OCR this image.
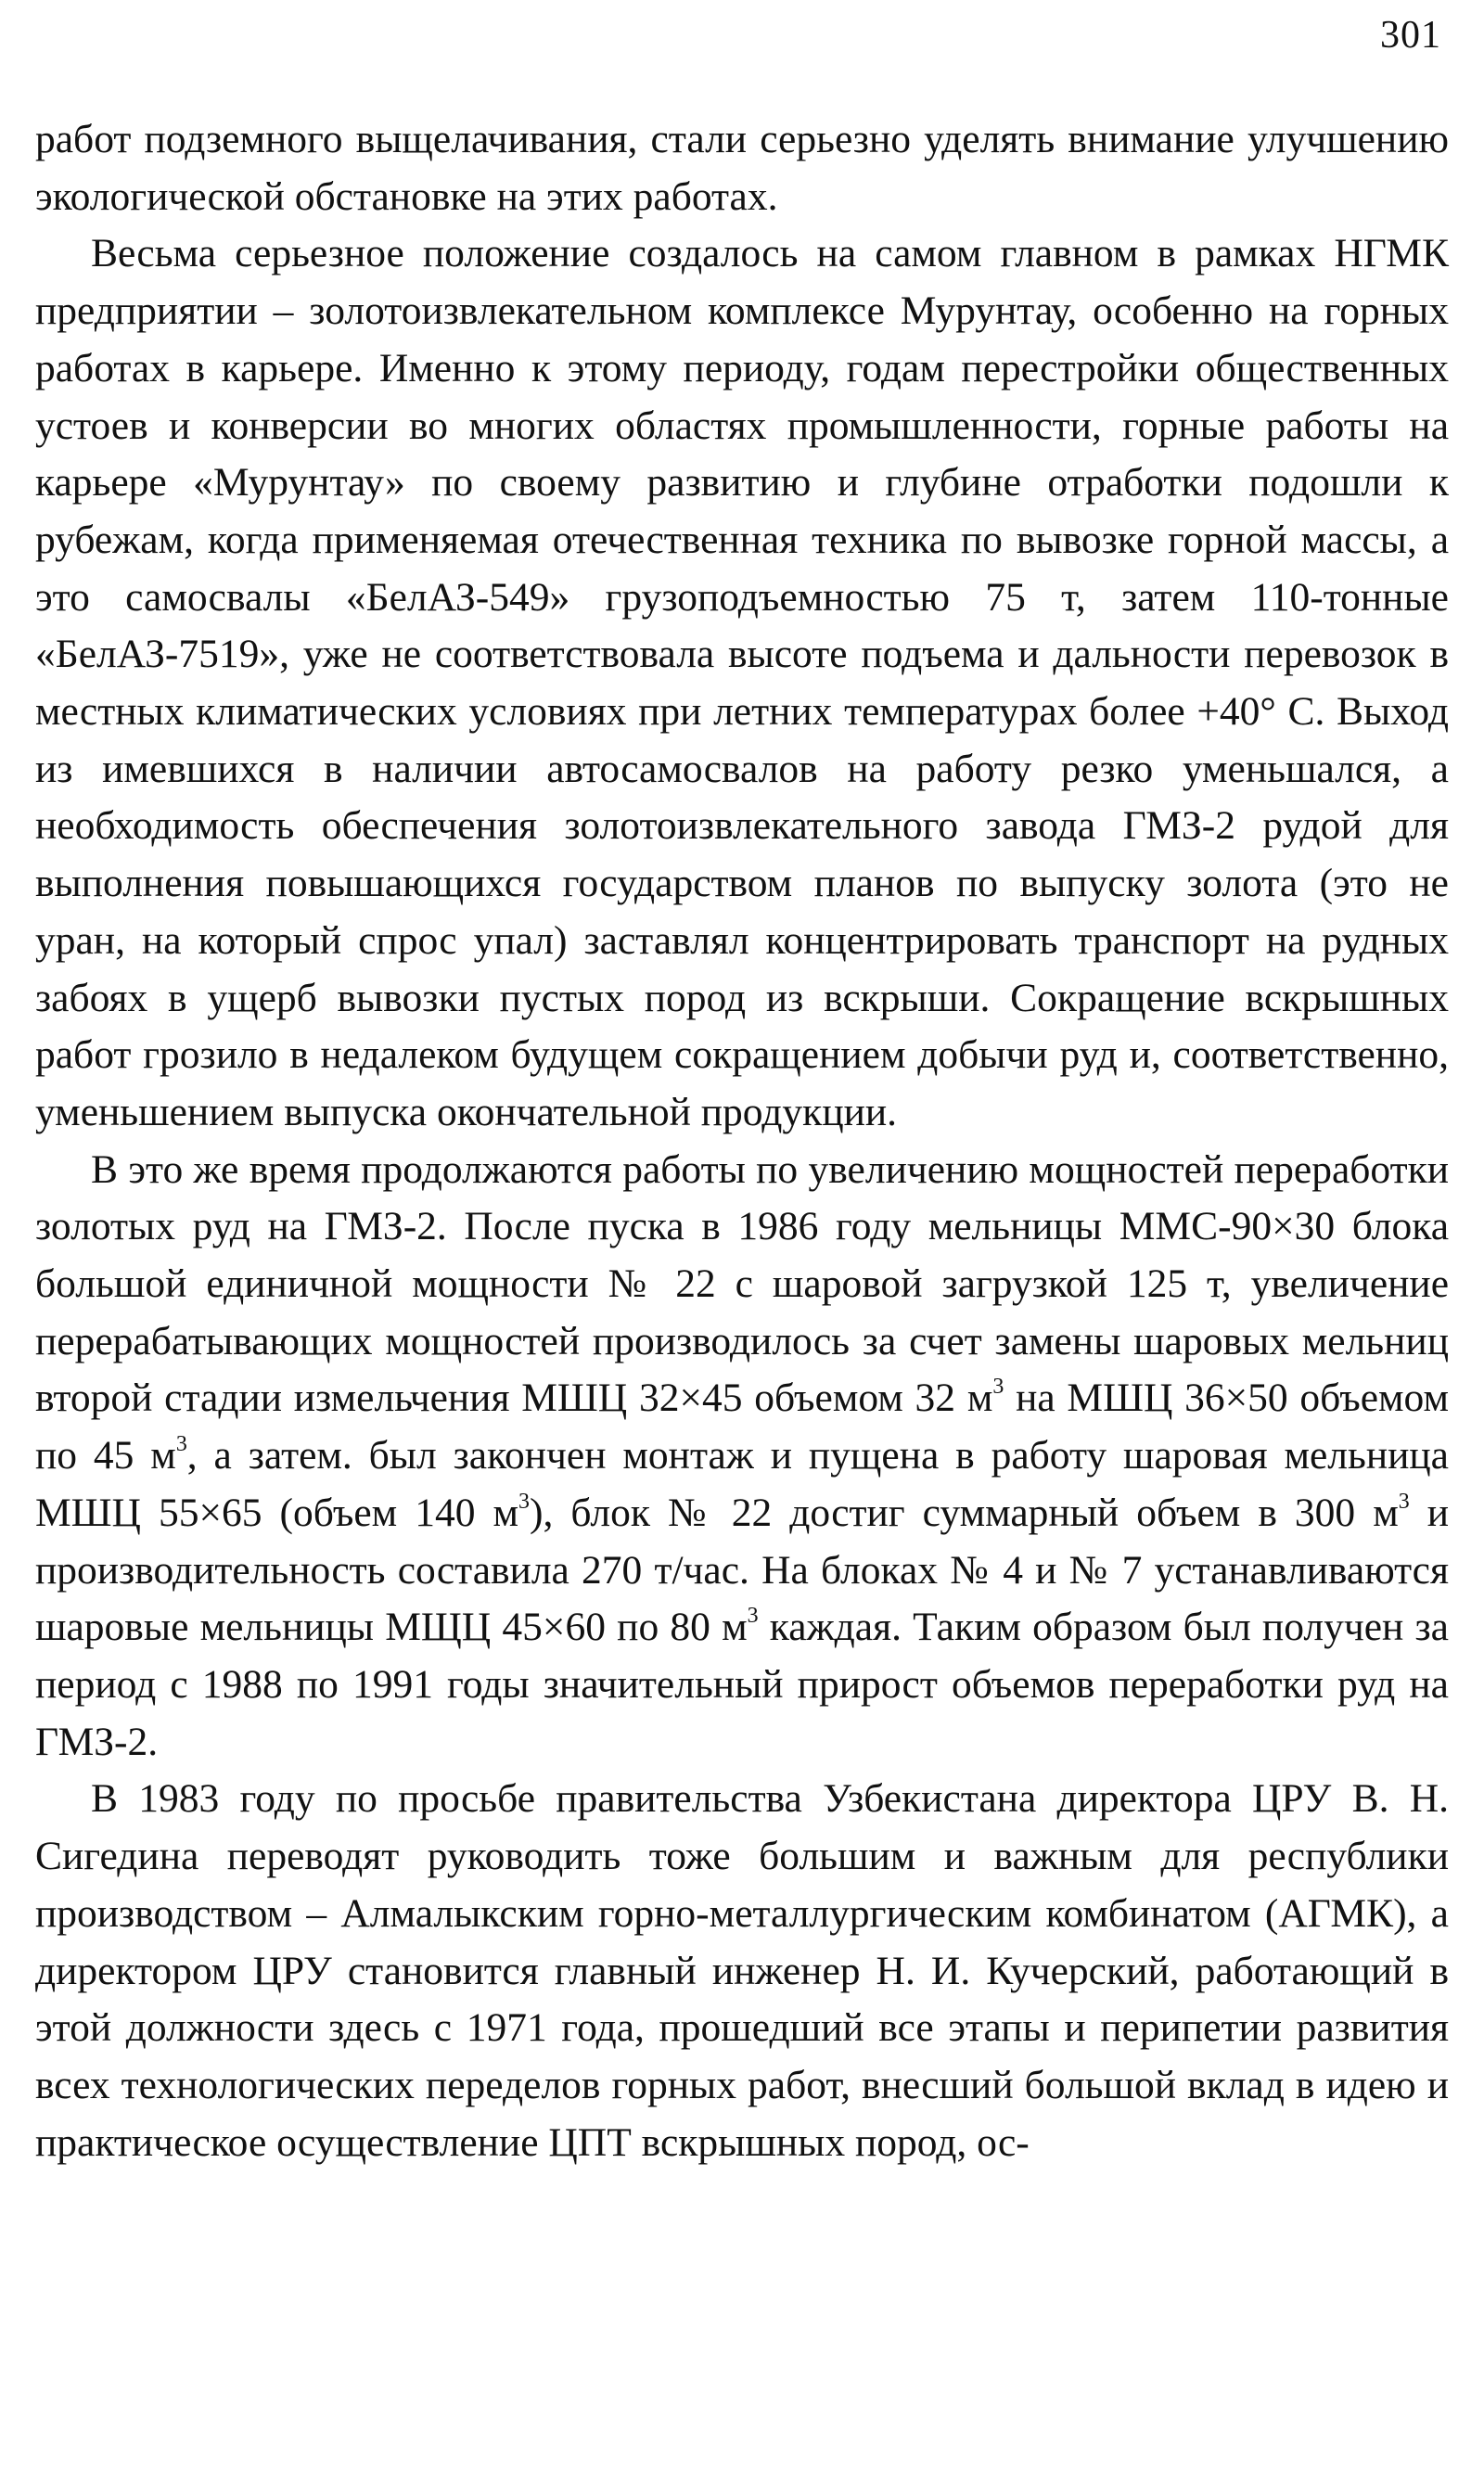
301

работ подземного выщелачивания, стали серьезно уделять внимание улучшению экологической обстановке на этих работах.

Весьма серьезное положение создалось на самом главном в рамках НГМК предприятии – золотоизвлекательном комплексе Мурунтау, особенно на горных работах в карьере. Именно к этому периоду, годам перестройки общественных устоев и конверсии во многих областях промышленности, горные работы на карьере «Мурунтау» по своему развитию и глубине отработки подошли к рубежам, когда применяемая отечественная техника по вывозке горной массы, а это самосвалы «БелАЗ-549» грузоподъемностью 75 т, затем 110-тонные «БелАЗ-7519», уже не соответствовала высоте подъема и дальности перевозок в местных климатических условиях при летних температурах более +40° С. Выход из имевшихся в наличии автосамосвалов на работу резко уменьшался, а необходимость обеспечения золотоизвлекательного завода ГМЗ-2 рудой для выполнения повышающихся государством планов по выпуску золота (это не уран, на который спрос упал) заставлял концентрировать транспорт на рудных забоях в ущерб вывозки пустых пород из вскрыши. Сокращение вскрышных работ грозило в недалеком будущем сокращением добычи руд и, соответственно, уменьшением выпуска окончательной продукции.

В это же время продолжаются работы по увеличению мощностей переработки золотых руд на ГМЗ-2. После пуска в 1986 году мельницы ММС-90×30 блока большой единичной мощности № 22 с шаровой загрузкой 125 т, увеличение перерабатывающих мощностей производилось за счет замены шаровых мельниц второй стадии измельчения МШЦ 32×45 объемом 32 $м^3$ на МШЦ 36×50 объемом по 45 $м^3$, а затем. был закончен монтаж и пущена в работу шаровая мельница МШЦ 55×65 (объем 140 $м^3$), блок № 22 достиг суммарный объем в 300 $м^3$ и производительность составила 270 т/час. На блоках № 4 и № 7 устанавливаются шаровые мельницы МЩЦ 45×60 по 80 $м^3$ каждая. Таким образом был получен за период с 1988 по 1991 годы значительный прирост объемов переработки руд на ГМЗ-2.

В 1983 году по просьбе правительства Узбекистана директора ЦРУ В. Н. Сигедина переводят руководить тоже большим и важным для республики производством – Алмалыкским горно-металлургическим комбинатом (АГМК), а директором ЦРУ становится главный инженер Н. И. Кучерский, работающий в этой должности здесь с 1971 года, прошедший все этапы и перипетии развития всех технологических переделов горных работ, внесший большой вклад в идею и практическое осуществление ЦПТ вскрышных пород, ос-
